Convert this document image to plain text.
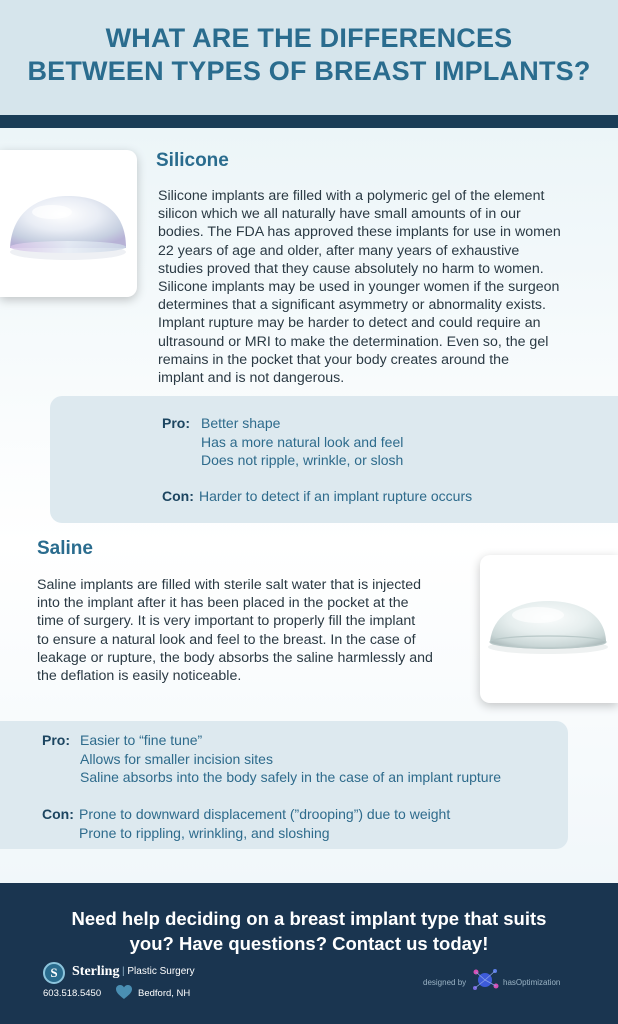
WHAT ARE THE DIFFERENCES
BETWEEN TYPES OF BREAST IMPLANTS?
Silicone
Silicone implants are filled with a polymeric gel of the element
silicon which we all naturally have small amounts of in our
bodies. The FDA has approved these implants for use in women
22 years of age and older, after many years of exhaustive
studies proved that they cause absolutely no harm to women.
Silicone implants may be used in younger women if the surgeon
determines that a significant asymmetry or abnormality exists.
Implant rupture may be harder to detect and could require an
ultrasound or MRI to make the determination. Even so, the gel
remains in the pocket that your body creates around the
implant and is not dangerous.
Pro: Better shape
Has a more natural look and feel
Does not ripple, wrinkle, or slosh
Con: Harder to detect if an implant rupture occurs
Saline
Saline implants are filled with sterile salt water that is injected
into the implant after it has been placed in the pocket at the
time of surgery. It is very important to properly fill the implant
to ensure a natural look and feel to the breast. In the case of
leakage or rupture, the body absorbs the saline harmlessly and
the deflation is easily noticeable.
Pro: Easier to “fine tune”
Allows for smaller incision sites
Saline absorbs into the body safely in the case of an implant rupture
Con: Prone to downward displacement (”drooping”) due to weight
Prone to rippling, wrinkling, and sloshing
Need help deciding on a breast implant type that suits
you? Have questions? Contact us today!
S	Sterling
| Plastic Surgery
603.518.5450	Bedford, NH
designed by	hasOptimization
